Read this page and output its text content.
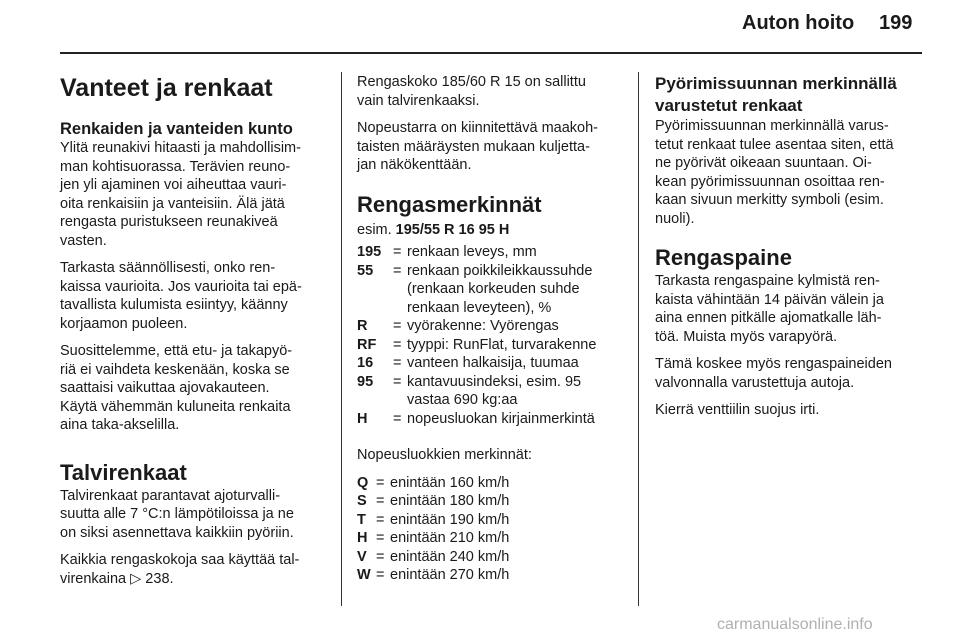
Auton hoito 199
Vanteet ja renkaat
Renkaiden ja vanteiden kunto

Ylitä reunakivi hitaasti ja mahdollisim-
man kohtisuorassa. Terävien reuno-
jen yli ajaminen voi aiheuttaa vauri-
oita renkaisiin ja vanteisiin. Älä jätä
rengasta puristukseen reunakiveä
vasten.

Tarkasta säännöllisesti, onko ren-
kaissa vaurioita. Jos vaurioita tai epä-
tavallista kulumista esiintyy, käänny
korjaamon puoleen.

Suosittelemme, että etu- ja takapyö-
riä ei vaihdeta keskenään, koska se
saattaisi vaikuttaa ajovakauteen.
Käytä vähemmän kuluneita renkaita
aina taka-akselilla.

Talvirenkaat

Talvirenkaat parantavat ajoturvalli-
suutta alle 7 °C:n lämpötiloissa ja ne
on siksi asennettava kaikkiin pyöriin.

Kaikkia rengaskokoja saa käyttää tal-
virenkaina ▷ 238.

Rengaskoko 185/60 R 15 on sallittu
vain talvirenkaaksi.

Nopeustarra on kiinnitettävä maakoh-
taisten määräysten mukaan kuljetta-
jan näkökenttään.

Rengasmerkinnät

esim. 195/55 R 16 95 H

195	=	renkaan leveys, mm
55	=	renkaan poikkileikkaussuhde
(renkaan korkeuden suhde
renkaan leveyteen), %
R	=	vyörakenne: Vyörengas
RF	=	tyyppi: RunFlat, turvarakenne
16	=	vanteen halkaisija, tuumaa
95	=	kantavuusindeksi, esim. 95
vastaa 690 kg:aa
H	=	nopeusluokan kirjainmerkintä

Nopeusluokkien merkinnät:

Q	=	enintään 160 km/h
S	=	enintään 180 km/h
T	=	enintään 190 km/h
H	=	enintään 210 km/h
V	=	enintään 240 km/h
W	=	enintään 270 km/h
Pyörimissuunnan merkinnällä
varustetut renkaat

Pyörimissuunnan merkinnällä varus-
tetut renkaat tulee asentaa siten, että
ne pyörivät oikeaan suuntaan. Oi-
kean pyörimissuunnan osoittaa ren-
kaan sivuun merkitty symboli (esim.
nuoli).

Rengaspaine

Tarkasta rengaspaine kylmistä ren-
kaista vähintään 14 päivän välein ja
aina ennen pitkälle ajomatkalle läh-
töä. Muista myös varapyörä.

Tämä koskee myös rengaspaineiden
valvonnalla varustettuja autoja.

Kierrä venttiilin suojus irti.

carmanualsonline.info
